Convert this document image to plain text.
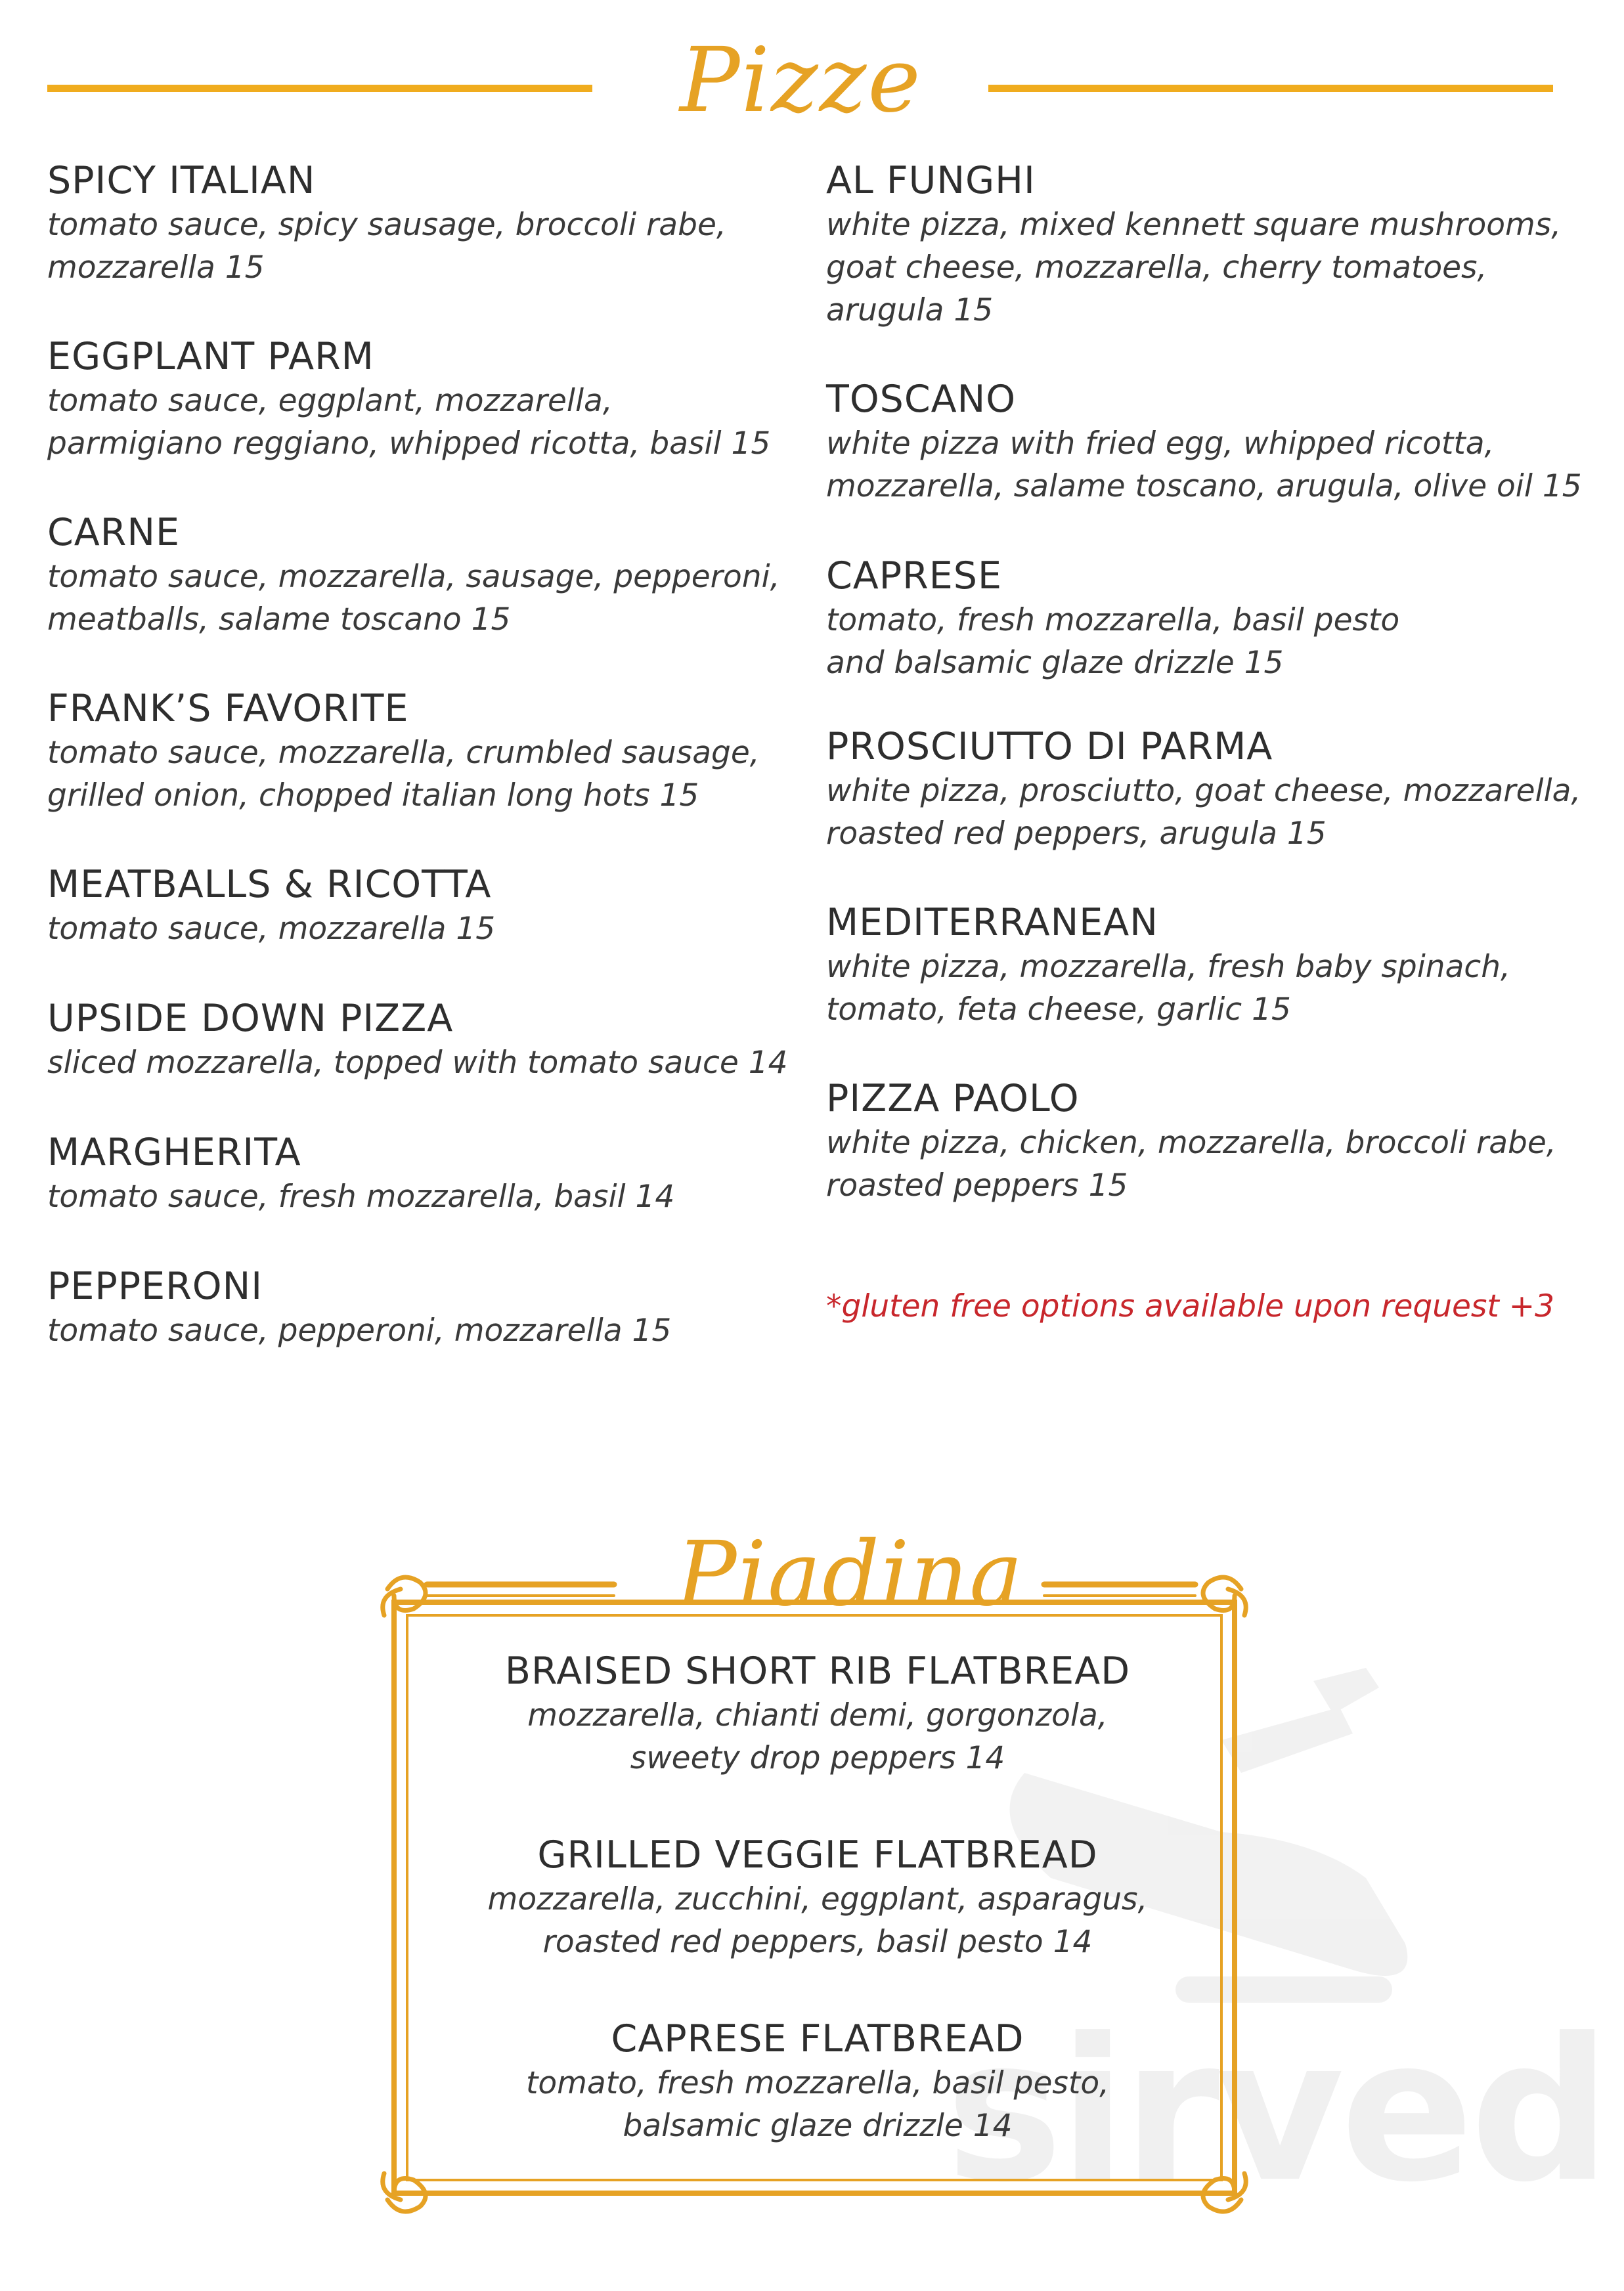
Pizze
SPICY ITALIAN
tomato sauce, spicy sausage, broccoli rabe,
mozzarella 15
EGGPLANT PARM
tomato sauce, eggplant, mozzarella,
parmigiano reggiano, whipped ricotta, basil 15
CARNE
tomato sauce, mozzarella, sausage, pepperoni,
meatballs, salame toscano 15
FRANK’S FAVORITE
tomato sauce, mozzarella, crumbled sausage,
grilled onion, chopped italian long hots 15
MEATBALLS & RICOTTA
tomato sauce, mozzarella 15
UPSIDE DOWN PIZZA
sliced mozzarella, topped with tomato sauce 14
MARGHERITA
tomato sauce, fresh mozzarella, basil 14
PEPPERONI
tomato sauce, pepperoni, mozzarella 15
AL FUNGHI
white pizza, mixed kennett square mushrooms,
goat cheese, mozzarella, cherry tomatoes,
arugula 15
TOSCANO
white pizza with fried egg, whipped ricotta,
mozzarella, salame toscano, arugula, olive oil 15
CAPRESE
tomato, fresh mozzarella, basil pesto
and balsamic glaze drizzle 15
PROSCIUTTO DI PARMA
white pizza, prosciutto, goat cheese, mozzarella,
roasted red peppers, arugula 15
MEDITERRANEAN
white pizza, mozzarella, fresh baby spinach,
tomato, feta cheese, garlic 15
PIZZA PAOLO
white pizza, chicken, mozzarella, broccoli rabe,
roasted peppers 15
*gluten free options available upon request +3
sirved
Piadina
BRAISED SHORT RIB FLATBREAD
mozzarella, chianti demi, gorgonzola,
sweety drop peppers 14
GRILLED VEGGIE FLATBREAD
mozzarella, zucchini, eggplant, asparagus,
roasted red peppers, basil pesto 14
CAPRESE FLATBREAD
tomato, fresh mozzarella, basil pesto,
balsamic glaze drizzle 14
